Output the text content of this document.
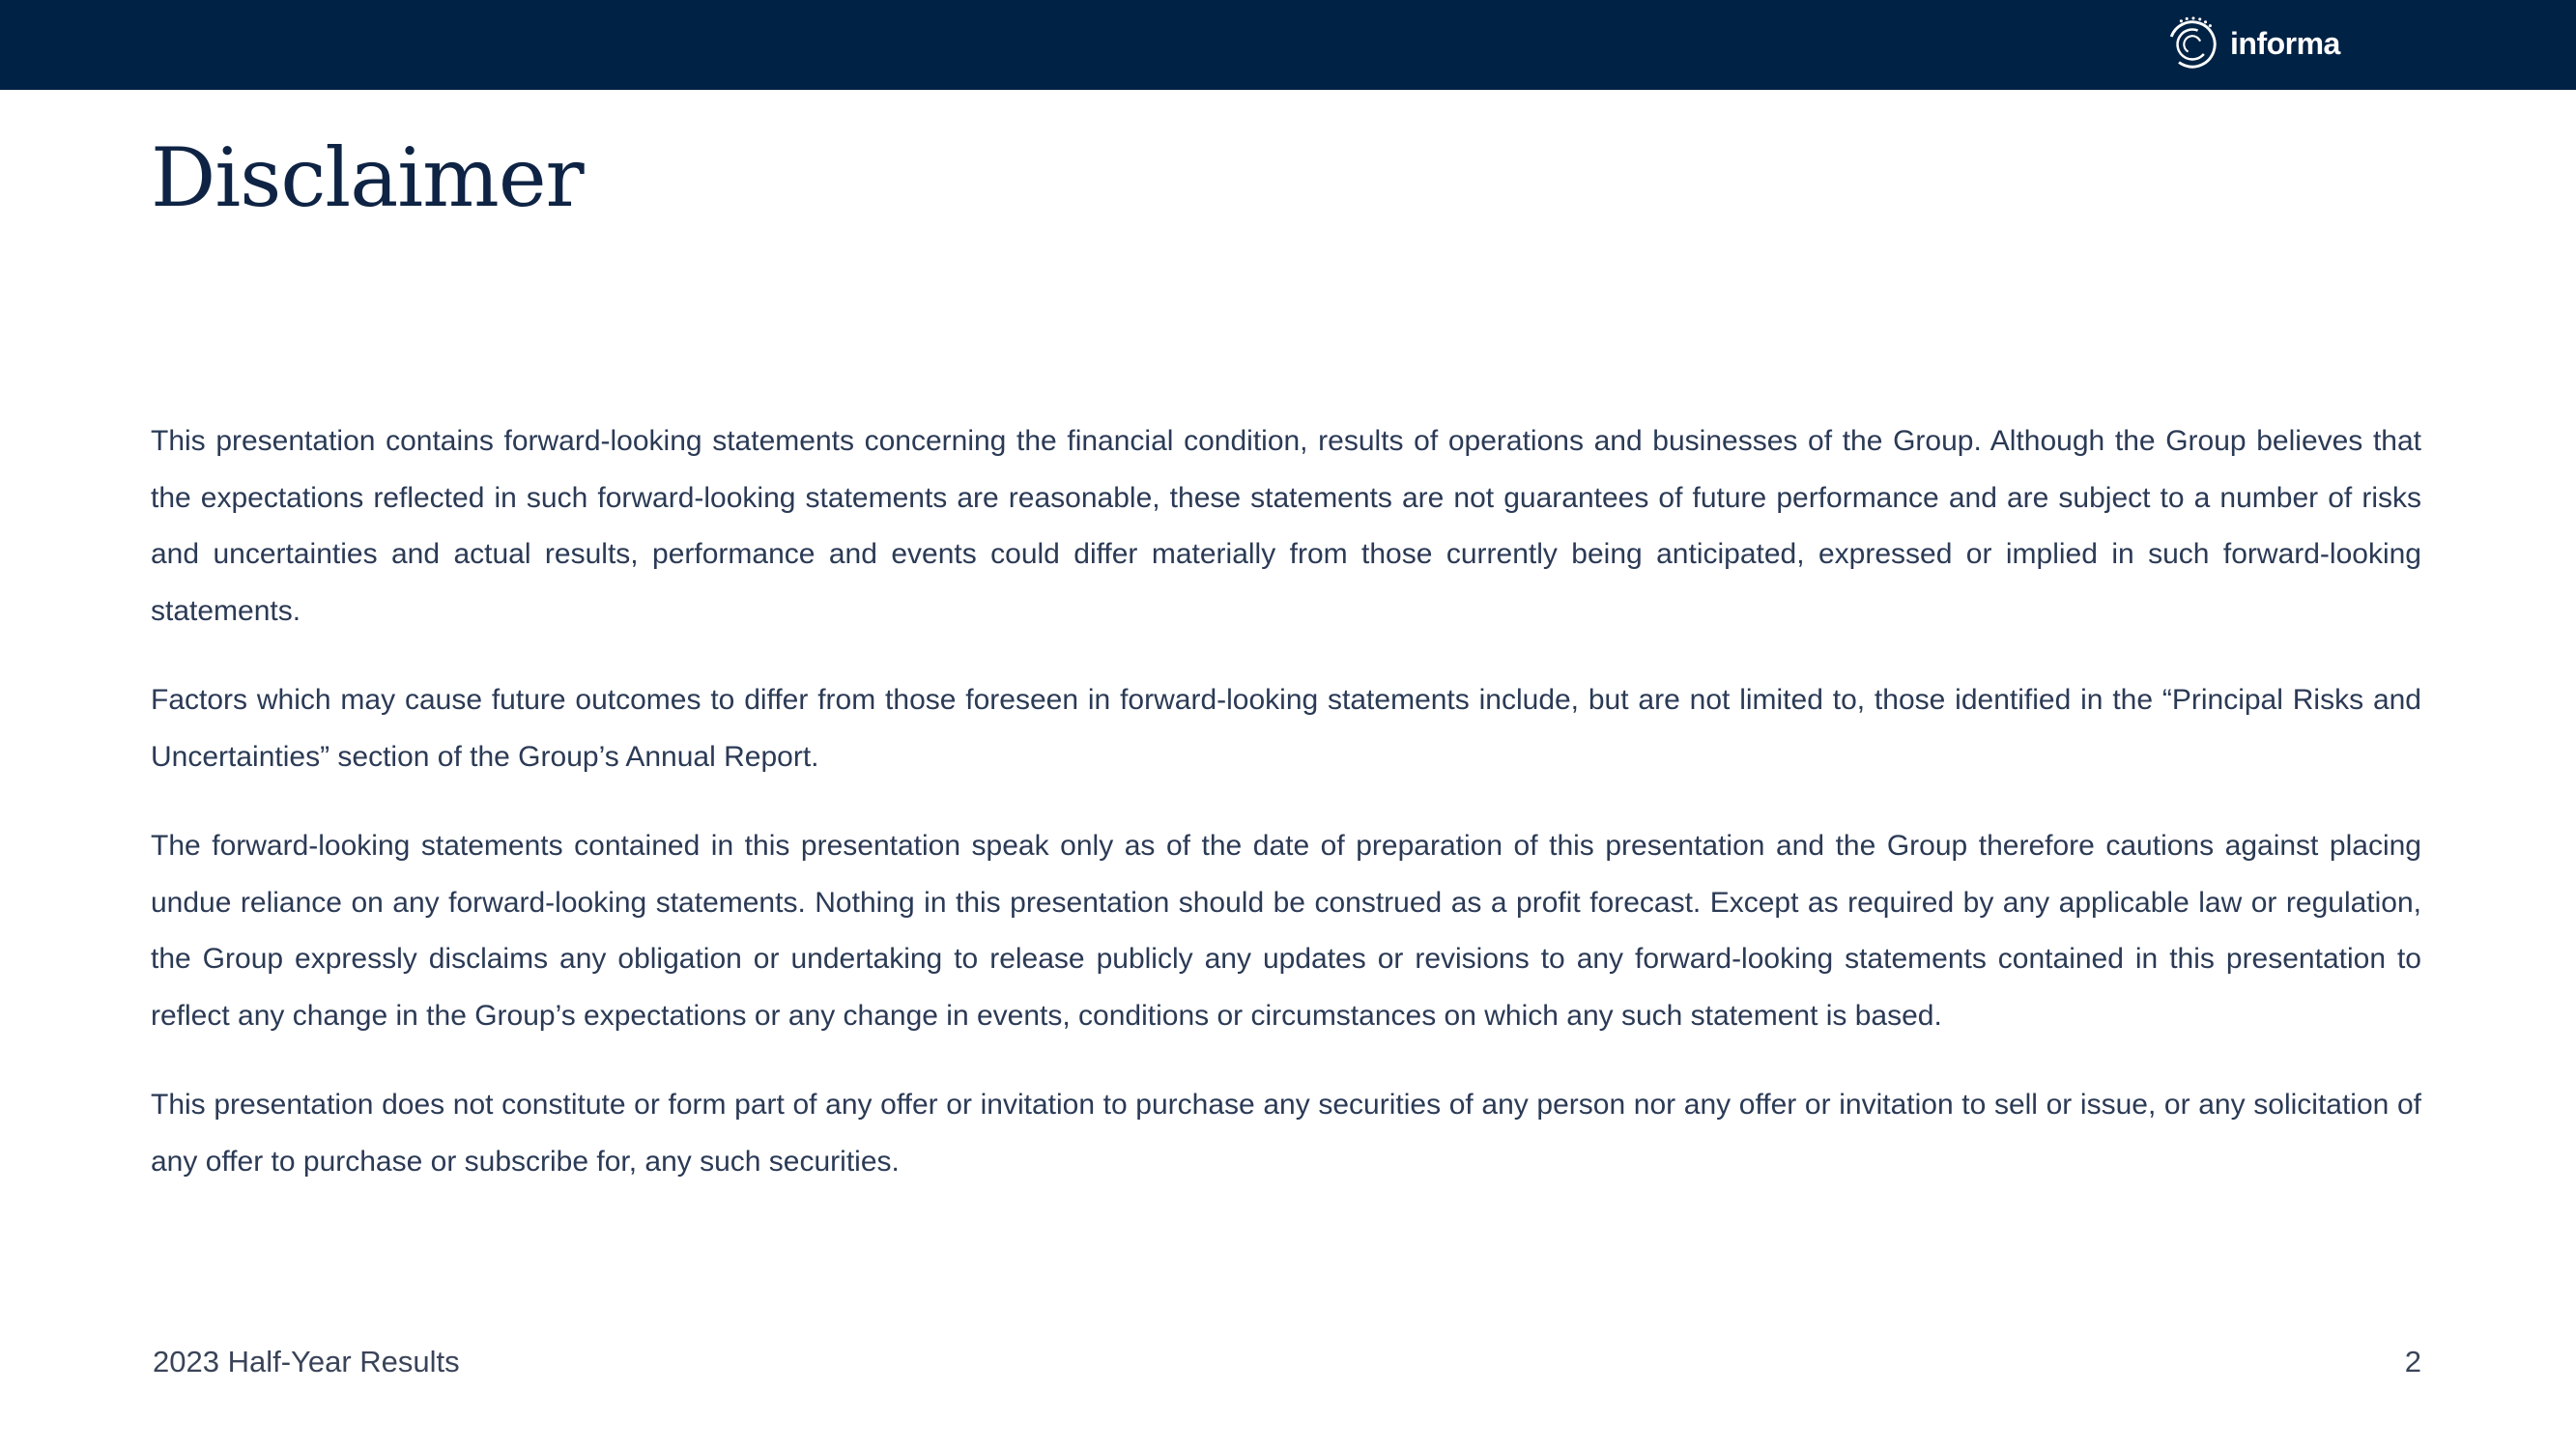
informa
Disclaimer

This presentation contains forward-looking statements concerning the financial condition, results of operations and businesses of the Group. Although the Group believes that the expectations reflected in such forward-looking statements are reasonable, these statements are not guarantees of future performance and are subject to a number of risks and uncertainties and actual results, performance and events could differ materially from those currently being anticipated, expressed or implied in such forward-looking statements.

Factors which may cause future outcomes to differ from those foreseen in forward-looking statements include, but are not limited to, those identified in the “Principal Risks and Uncertainties” section of the Group’s Annual Report.

The forward-looking statements contained in this presentation speak only as of the date of preparation of this presentation and the Group therefore cautions against placing undue reliance on any forward-looking statements. Nothing in this presentation should be construed as a profit forecast. Except as required by any applicable law or regulation, the Group expressly disclaims any obligation or undertaking to release publicly any updates or revisions to any forward-looking statements contained in this presentation to reflect any change in the Group’s expectations or any change in events, conditions or circumstances on which any such statement is based.

This presentation does not constitute or form part of any offer or invitation to purchase any securities of any person nor any offer or invitation to sell or issue, or any solicitation of any offer to purchase or subscribe for, any such securities.

2023 Half-Year Results	2
